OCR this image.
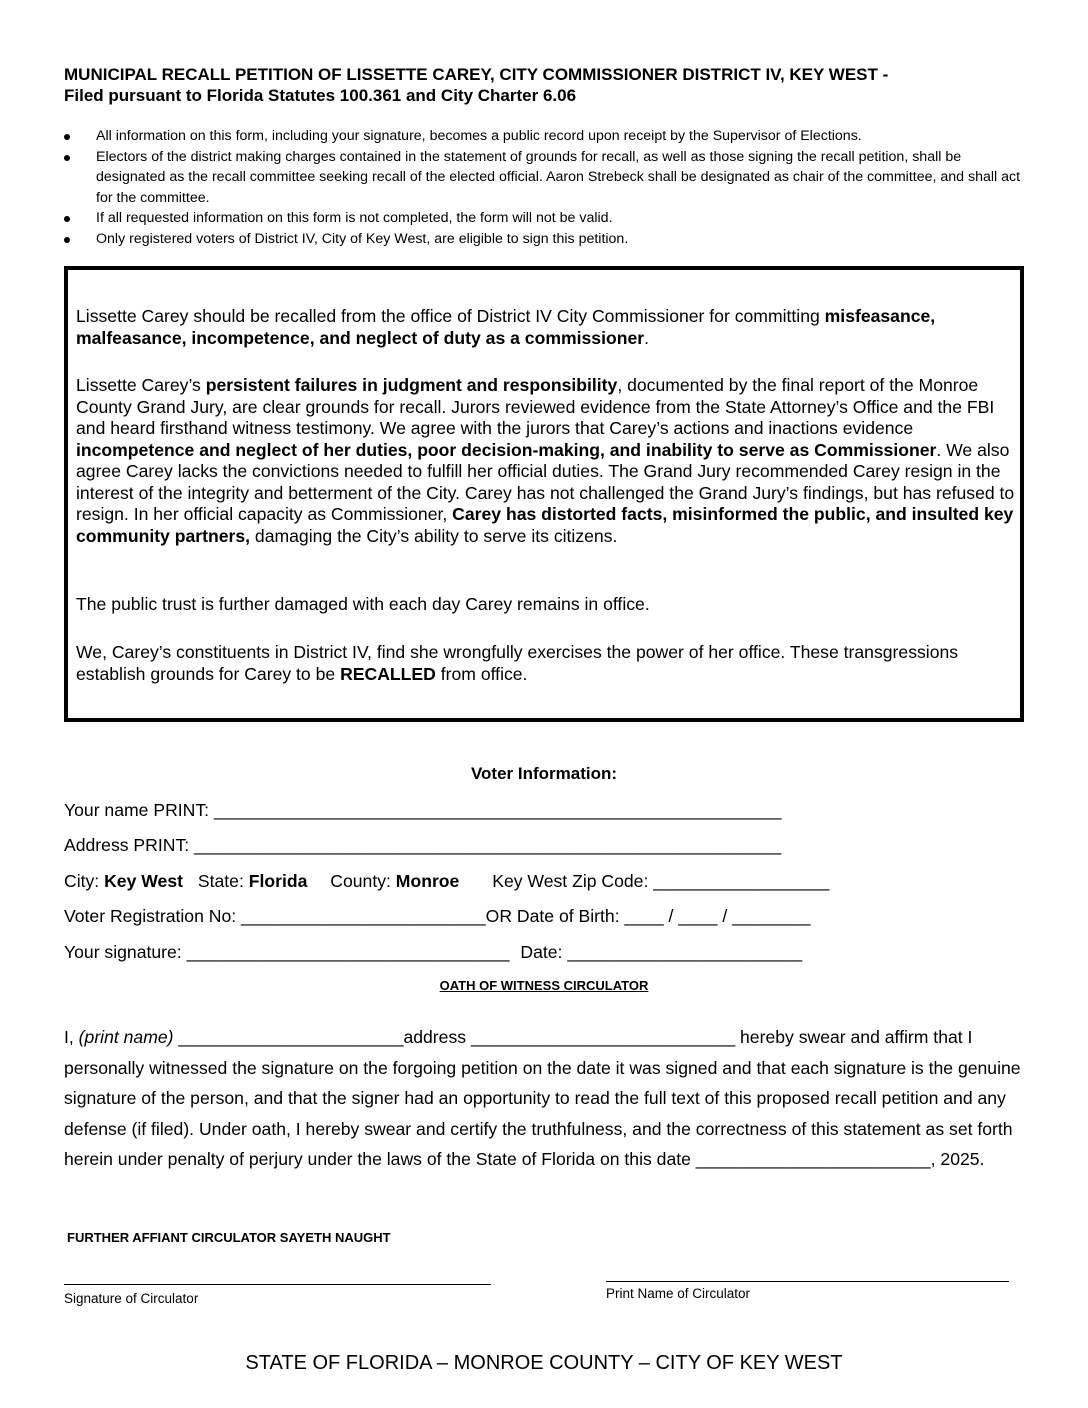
MUNICIPAL RECALL PETITION OF LISSETTE CAREY, CITY COMMISSIONER DISTRICT IV, KEY WEST -
Filed pursuant to Florida Statutes 100.361 and City Charter 6.06
All information on this form, including your signature, becomes a public record upon receipt by the Supervisor of Elections.
Electors of the district making charges contained in the statement of grounds for recall, as well as those signing the recall petition, shall be designated as the recall committee seeking recall of the elected official. Aaron Strebeck shall be designated as chair of the committee, and shall act for the committee.
If all requested information on this form is not completed, the form will not be valid.
Only registered voters of District IV, City of Key West, are eligible to sign this petition.

Lissette Carey should be recalled from the office of District IV City Commissioner for committing misfeasance, malfeasance, incompetence, and neglect of duty as a commissioner.

Lissette Carey’s persistent failures in judgment and responsibility, documented by the final report of the Monroe County Grand Jury, are clear grounds for recall. Jurors reviewed evidence from the State Attorney’s Office and the FBI and heard firsthand witness testimony. We agree with the jurors that Carey’s actions and inactions evidence incompetence and neglect of her duties, poor decision-making, and inability to serve as Commissioner. We also agree Carey lacks the convictions needed to fulfill her official duties. The Grand Jury recommended Carey resign in the interest of the integrity and betterment of the City. Carey has not challenged the Grand Jury’s findings, but has refused to resign. In her official capacity as Commissioner, Carey has distorted facts, misinformed the public, and insulted key community partners, damaging the City’s ability to serve its citizens.

The public trust is further damaged with each day Carey remains in office.

We, Carey’s constituents in District IV, find she wrongfully exercises the power of her office. These transgressions establish grounds for Carey to be RECALLED from office.

Voter Information:
Your name PRINT: __________________________________________________________
Address PRINT: ____________________________________________________________
City: Key West State: Florida County: Monroe Key West Zip Code: __________________
Voter Registration No: _________________________OR Date of Birth: ____ / ____ / ________
Your signature: _________________________________ Date: ________________________
OATH OF WITNESS CIRCULATOR
I, (print name) _______________________address ___________________________ hereby swear and affirm that I personally witnessed the signature on the forgoing petition on the date it was signed and that each signature is the genuine signature of the person, and that the signer had an opportunity to read the full text of this proposed recall petition and any defense (if filed). Under oath, I hereby swear and certify the truthfulness, and the correctness of this statement as set forth herein under penalty of perjury under the laws of the State of Florida on this date ________________________, 2025.
FURTHER AFFIANT CIRCULATOR SAYETH NAUGHT
Signature of Circulator	Print Name of Circulator
STATE OF FLORIDA – MONROE COUNTY – CITY OF KEY WEST
